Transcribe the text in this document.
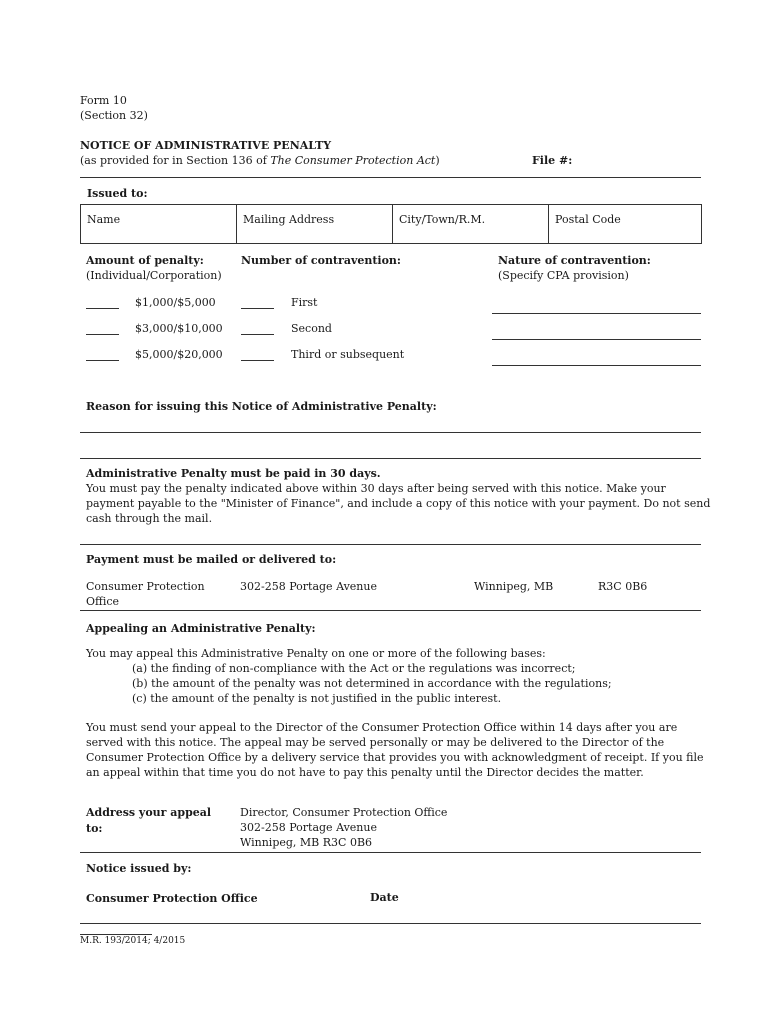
Form 10
(Section 32)
NOTICE OF ADMINISTRATIVE PENALTY
(as provided for in Section 136 of The Consumer Protection Act)	File #:
Issued to:
Name	Mailing Address	City/Town/R.M.	Postal Code
Amount of penalty:
(Individual/Corporation)
Number of contravention:	Nature of contravention:
(Specify CPA provision)
$1,000/$5,000	First
$3,000/$10,000	Second
$5,000/$20,000	Third or subsequent
Reason for issuing this Notice of Administrative Penalty:
Administrative Penalty must be paid in 30 days.
You must pay the penalty indicated above within 30 days after being served with this notice. Make your
payment payable to the "Minister of Finance", and include a copy of this notice with your payment. Do not send
cash through the mail.
Payment must be mailed or delivered to:
Consumer Protection
Office
302-258 Portage Avenue	Winnipeg, MB	R3C 0B6
Appealing an Administrative Penalty:
You may appeal this Administrative Penalty on one or more of the following bases:
(a) the finding of non-compliance with the Act or the regulations was incorrect;
(b) the amount of the penalty was not determined in accordance with the regulations;
(c) the amount of the penalty is not justified in the public interest.
You must send your appeal to the Director of the Consumer Protection Office within 14 days after you are
served with this notice. The appeal may be served personally or may be delivered to the Director of the
Consumer Protection Office by a delivery service that provides you with acknowledgment of receipt. If you file
an appeal within that time you do not have to pay this penalty until the Director decides the matter.
Address your appeal
to:
Director, Consumer Protection Office
302-258 Portage Avenue
Winnipeg, MB R3C 0B6
Notice issued by:
Consumer Protection Office	Date
M.R. 193/2014; 4/2015
